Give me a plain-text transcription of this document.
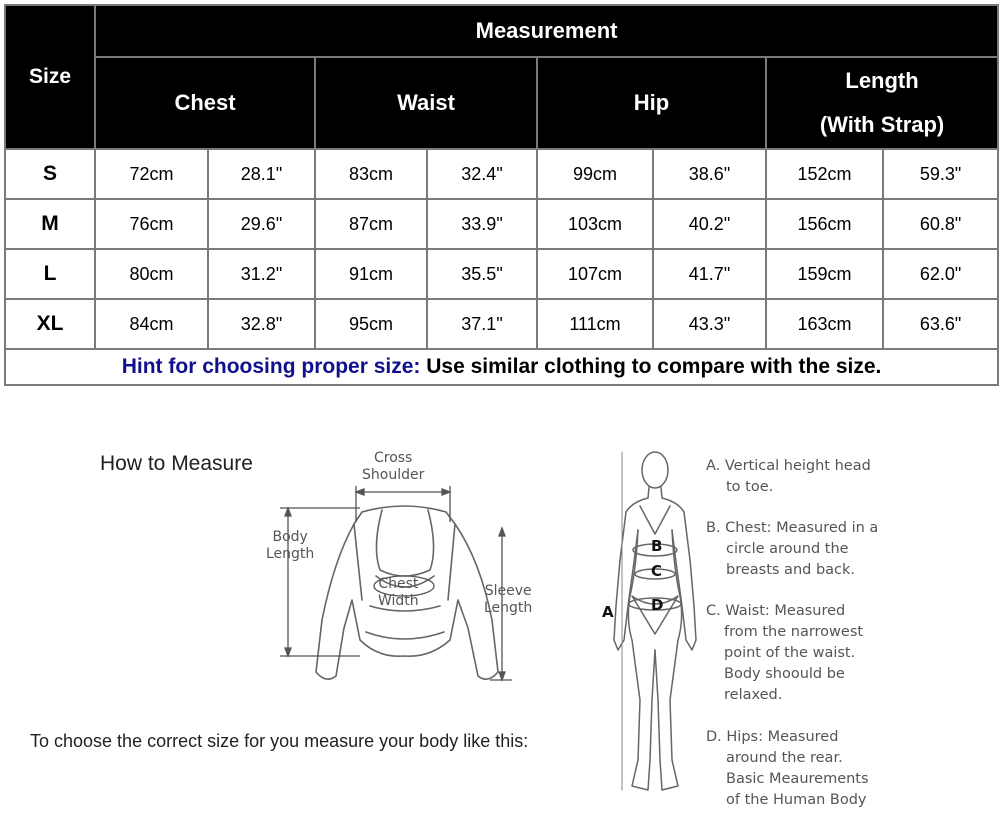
Size	Measurement							
	Chest		Waist		Hip		Length
(With Strap)	

S	72cm	28.1"	83cm	32.4"	99cm	38.6"	152cm	59.3"
M	76cm	29.6"	87cm	33.9"	103cm	40.2"	156cm	60.8"
L	80cm	31.2"	91cm	35.5"	107cm	41.7"	159cm	62.0"
XL	84cm	32.8"	95cm	37.1"	111cm	43.3"	163cm	63.6"
Hint for choosing proper size: Use similar clothing to compare with the size.								
How to Measure	Cross
Shoulder
Body
Length
Chest
Width
Sleeve
Length	A
B
C
D
A. Vertical height head
to toe.
B. Chest: Measured in a
circle around the
breasts and back.
C. Waist: Measured
from the narrowest
point of the waist.
Body shoould be
relaxed.
D. Hips: Measured
around the rear.
Basic Meaurements
of the Human Body
To choose the correct size for you measure your body like this:
